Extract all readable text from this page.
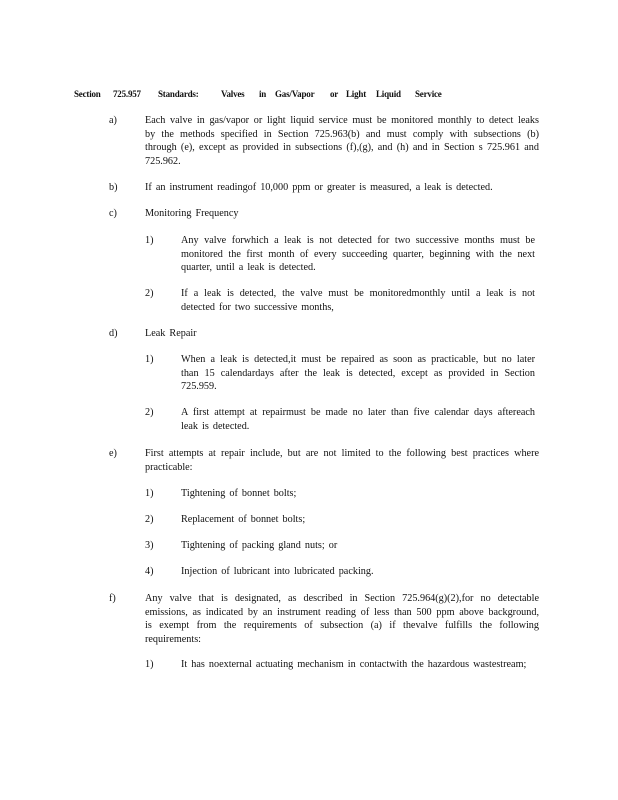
Section 725.957 Standards: Valves in Gas/Vapor or Light Liquid Service
a)	Each valve in gas/vapor or light liquid service must be monitored monthly to detect leaks by the methods specified in Section 725.963(b) and must comply with subsections (b) through (e), except as provided in subsections (f),(g), and (h) and in Section s 725.961 and 725.962.
b)	If an instrument readingof 10,000 ppm or greater is measured, a leak is detected.
c)	Monitoring Frequency
1)	Any valve forwhich a leak is not detected for two successive months must be monitored the first month of every succeeding quarter, beginning with the next quarter, until a leak is detected.
2)	If a leak is detected, the valve must be monitoredmonthly until a leak is not detected for two successive months,
d)	Leak Repair
1)	When a leak is detected,it must be repaired as soon as practicable, but no later than 15 calendardays after the leak is detected, except as provided in Section 725.959.
2)	A first attempt at repairmust be made no later than five calendar days aftereach leak is detected.
e)	First attempts at repair include, but are not limited to the following best practices where practicable:
1)	Tightening of bonnet bolts;
2)	Replacement of bonnet bolts;
3)	Tightening of packing gland nuts; or
4)	Injection of lubricant into lubricated packing.
f)	Any valve that is designated, as described in Section 725.964(g)(2),for no detectable emissions, as indicated by an instrument reading of less than 500 ppm above background, is exempt from the requirements of subsection (a) if thevalve fulfills the following requirements:
1)	It has noexternal actuating mechanism in contactwith the hazardous wastestream;
